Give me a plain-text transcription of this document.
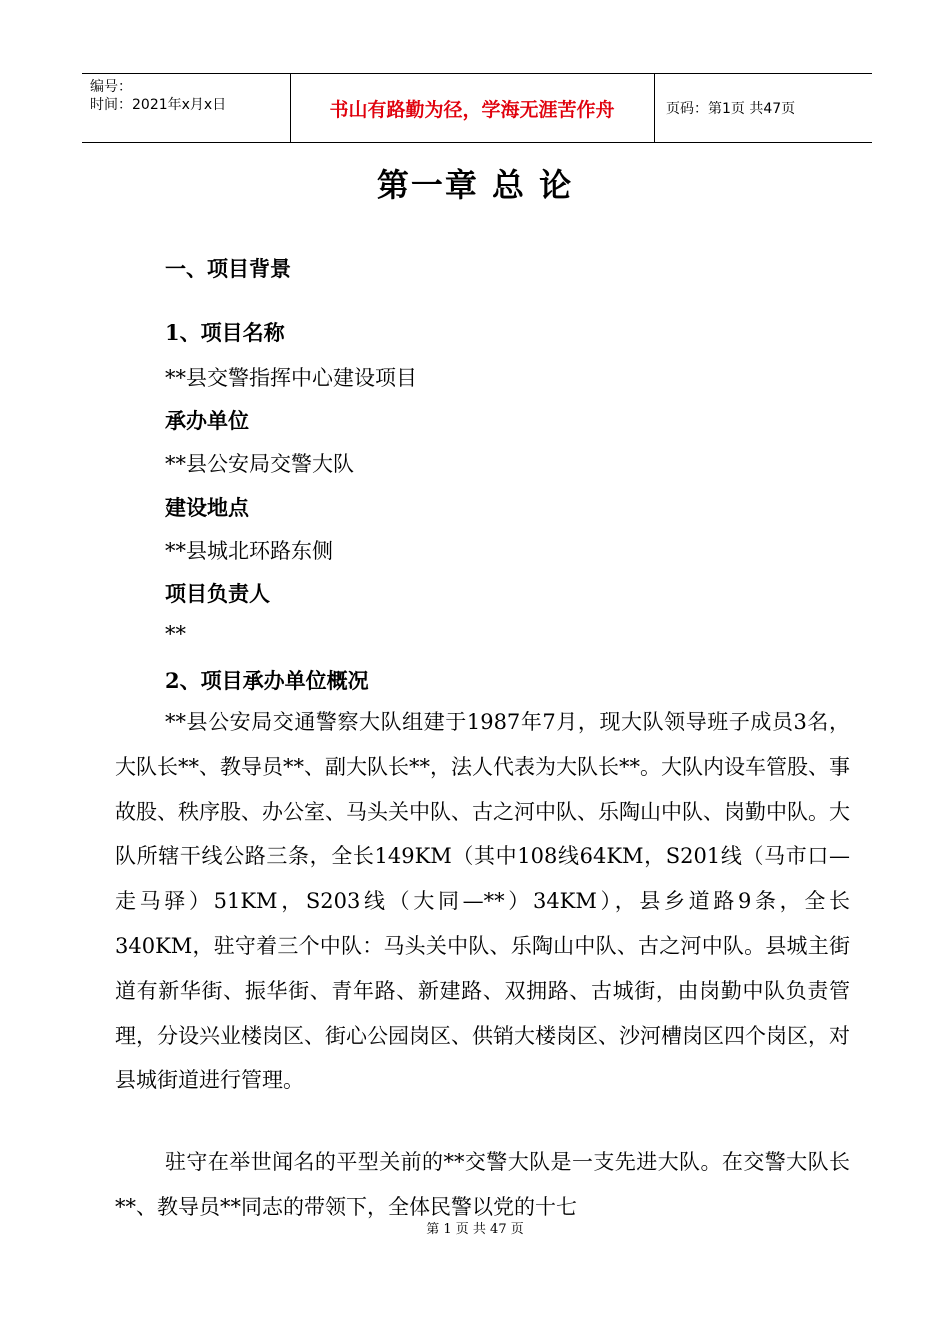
编号：
时间：2021年x月x日	书山有路勤为径，学海无涯苦作舟	页码：第1页 共47页
第一章 总 论
一、项目背景
1、项目名称
**县交警指挥中心建设项目
承办单位
**县公安局交警大队
建设地点
**县城北环路东侧
项目负责人
**
2、项目承办单位概况
**县公安局交通警察大队组建于1987年7月，现大队领导班子成员3名，大队长**、教导员**、副大队长**，法人代表为大队长**。大队内设车管股、事故股、秩序股、办公室、马头关中队、古之河中队、乐陶山中队、岗勤中队。大队所辖干线公路三条，全长149KM（其中108线64KM，S201线（马市口—走马驿）51KM，S203线（大同—**）34KM），县乡道路9条，全长340KM，驻守着三个中队：马头关中队、乐陶山中队、古之河中队。县城主街道有新华街、振华街、青年路、新建路、双拥路、古城街，由岗勤中队负责管理，分设兴业楼岗区、街心公园岗区、供销大楼岗区、沙河槽岗区四个岗区，对县城街道进行管理。
驻守在举世闻名的平型关前的**交警大队是一支先进大队。在交警大队长**、教导员**同志的带领下，全体民警以党的十七
第 1 页 共 47 页
